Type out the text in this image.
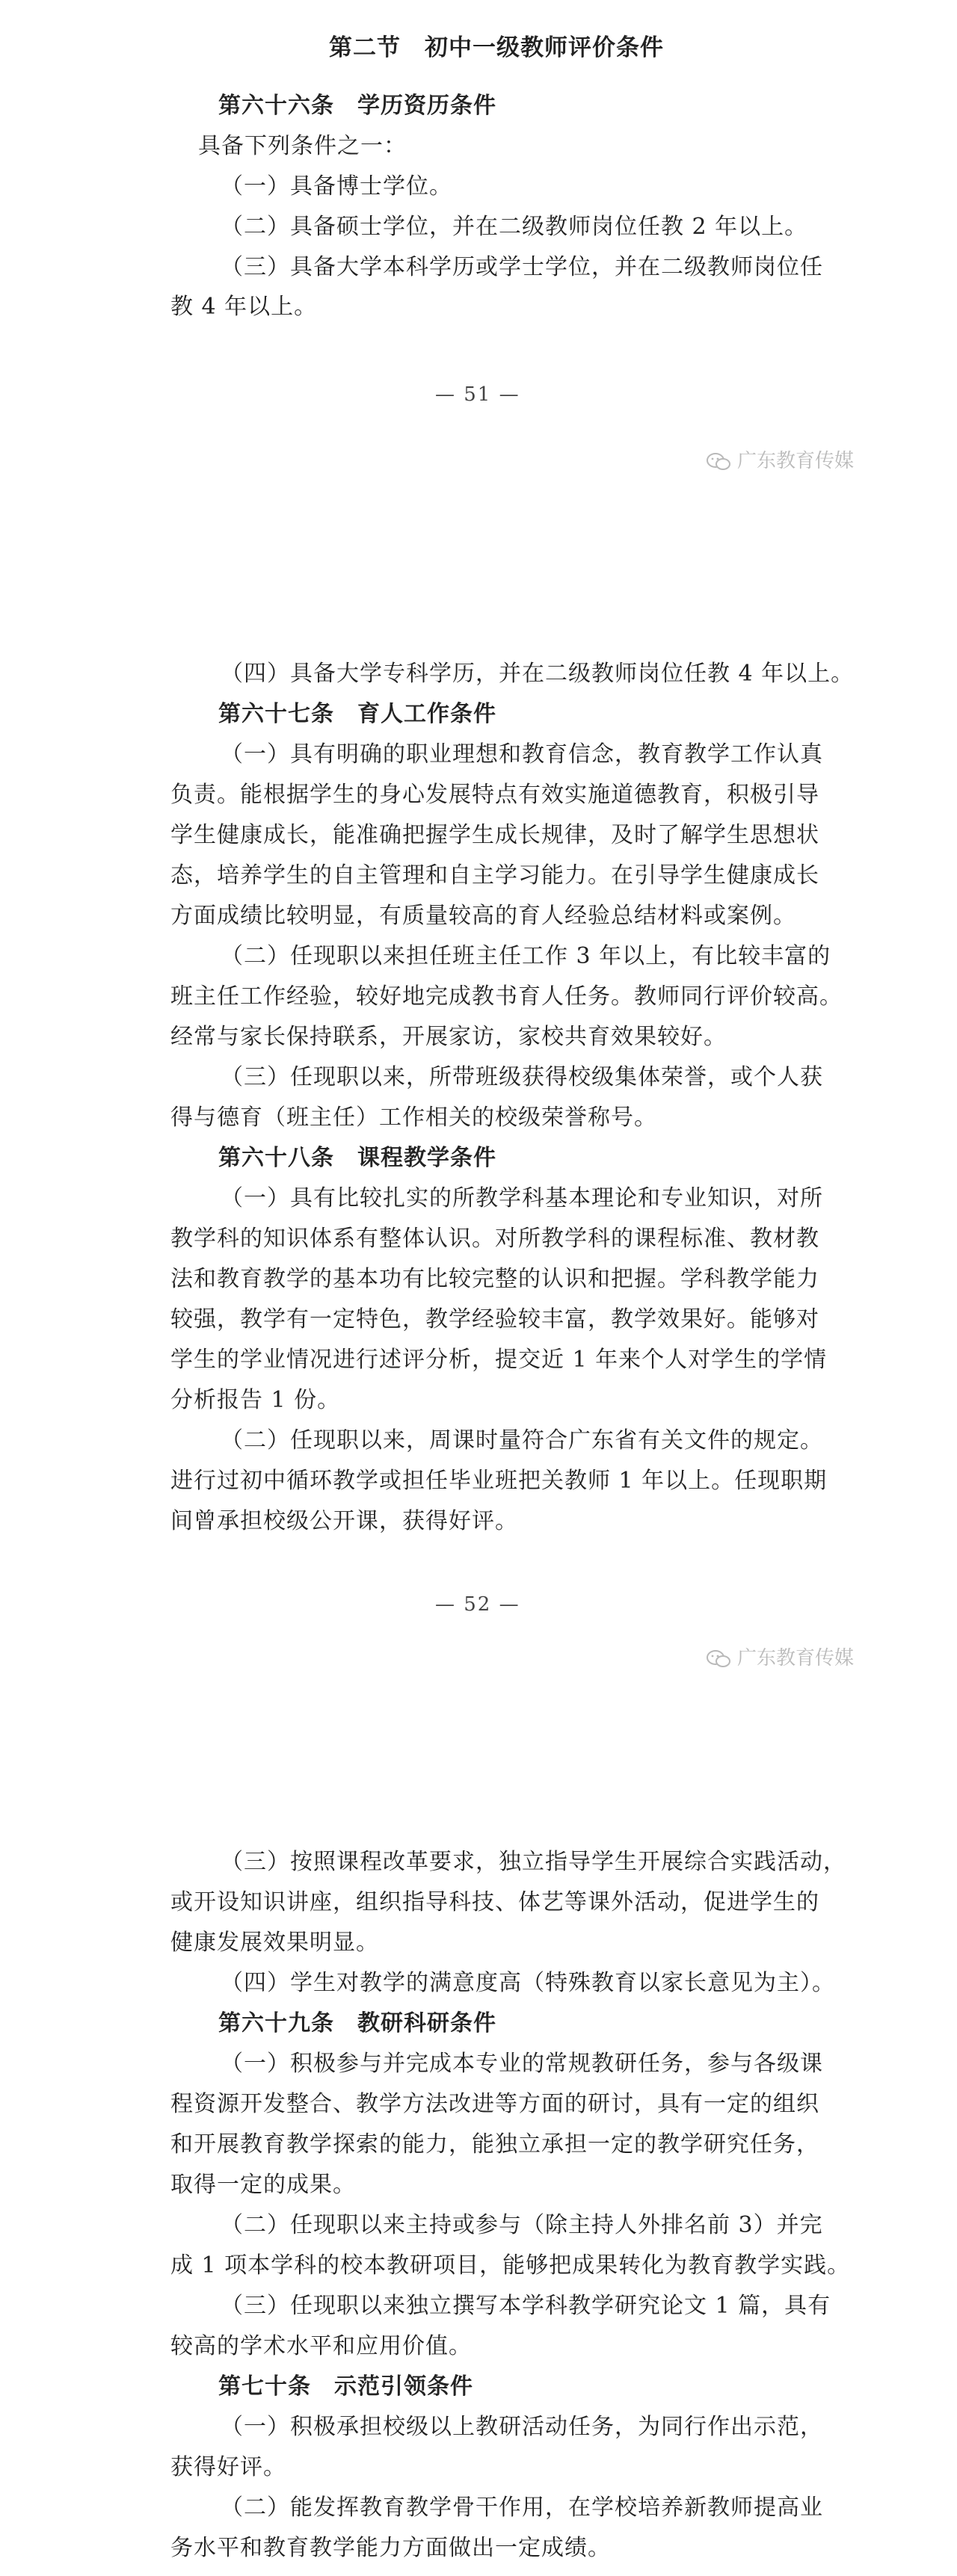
第二节　初中一级教师评价条件
第六十六条　学历资历条件
具备下列条件之一：
（一）具备博士学位。
（二）具备硕士学位，并在二级教师岗位任教 2 年以上。
（三）具备大学本科学历或学士学位，并在二级教师岗位任
教 4 年以上。
— 51 —
广东教育传媒
（四）具备大学专科学历，并在二级教师岗位任教 4 年以上。
第六十七条　育人工作条件
（一）具有明确的职业理想和教育信念，教育教学工作认真
负责。能根据学生的身心发展特点有效实施道德教育，积极引导
学生健康成长，能准确把握学生成长规律，及时了解学生思想状
态，培养学生的自主管理和自主学习能力。在引导学生健康成长
方面成绩比较明显，有质量较高的育人经验总结材料或案例。
（二）任现职以来担任班主任工作 3 年以上，有比较丰富的
班主任工作经验，较好地完成教书育人任务。教师同行评价较高。
经常与家长保持联系，开展家访，家校共育效果较好。
（三）任现职以来，所带班级获得校级集体荣誉，或个人获
得与德育（班主任）工作相关的校级荣誉称号。
第六十八条　课程教学条件
（一）具有比较扎实的所教学科基本理论和专业知识，对所
教学科的知识体系有整体认识。对所教学科的课程标准、教材教
法和教育教学的基本功有比较完整的认识和把握。学科教学能力
较强，教学有一定特色，教学经验较丰富，教学效果好。能够对
学生的学业情况进行述评分析，提交近 1 年来个人对学生的学情
分析报告 1 份。
（二）任现职以来，周课时量符合广东省有关文件的规定。
进行过初中循环教学或担任毕业班把关教师 1 年以上。任现职期
间曾承担校级公开课，获得好评。
— 52 —
广东教育传媒
（三）按照课程改革要求，独立指导学生开展综合实践活动，
或开设知识讲座，组织指导科技、体艺等课外活动，促进学生的
健康发展效果明显。
（四）学生对教学的满意度高（特殊教育以家长意见为主）。
第六十九条　教研科研条件
（一）积极参与并完成本专业的常规教研任务，参与各级课
程资源开发整合、教学方法改进等方面的研讨，具有一定的组织
和开展教育教学探索的能力，能独立承担一定的教学研究任务，
取得一定的成果。
（二）任现职以来主持或参与（除主持人外排名前 3）并完
成 1 项本学科的校本教研项目，能够把成果转化为教育教学实践。
（三）任现职以来独立撰写本学科教学研究论文 1 篇，具有
较高的学术水平和应用价值。
第七十条　示范引领条件
（一）积极承担校级以上教研活动任务，为同行作出示范，
获得好评。
（二）能发挥教育教学骨干作用，在学校培养新教师提高业
务水平和教育教学能力方面做出一定成绩。
